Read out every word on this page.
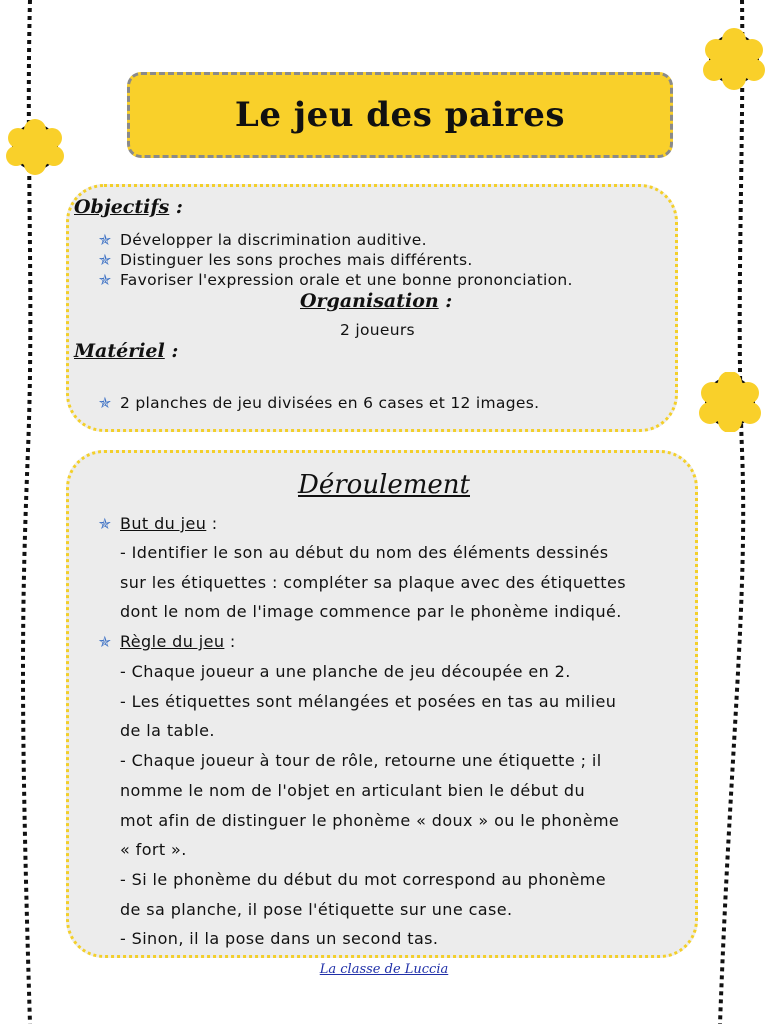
Le jeu des paires
Objectifs :
✯ Développer la discrimination auditive.
✯ Distinguer les sons proches mais différents.
✯ Favoriser l'expression orale et une bonne prononciation.
Organisation :
2 joueurs
Matériel :
✯ 2 planches de jeu divisées en 6 cases et 12 images.
Déroulement
✯ But du jeu :
- Identifier le son au début du nom des éléments dessinés
sur les étiquettes : compléter sa plaque avec des étiquettes
dont le nom de l'image commence par le phonème indiqué.
✯ Règle du jeu :
- Chaque joueur a une planche de jeu découpée en 2.
- Les étiquettes sont mélangées et posées en tas au milieu
de la table.
- Chaque joueur à tour de rôle, retourne une étiquette ; il
nomme le nom de l'objet en articulant bien le début du
mot afin de distinguer le phonème « doux » ou le phonème
« fort ».
- Si le phonème du début du mot correspond au phonème
de sa planche, il pose l'étiquette sur une case.
- Sinon, il la pose dans un second tas.
La classe de Luccia
